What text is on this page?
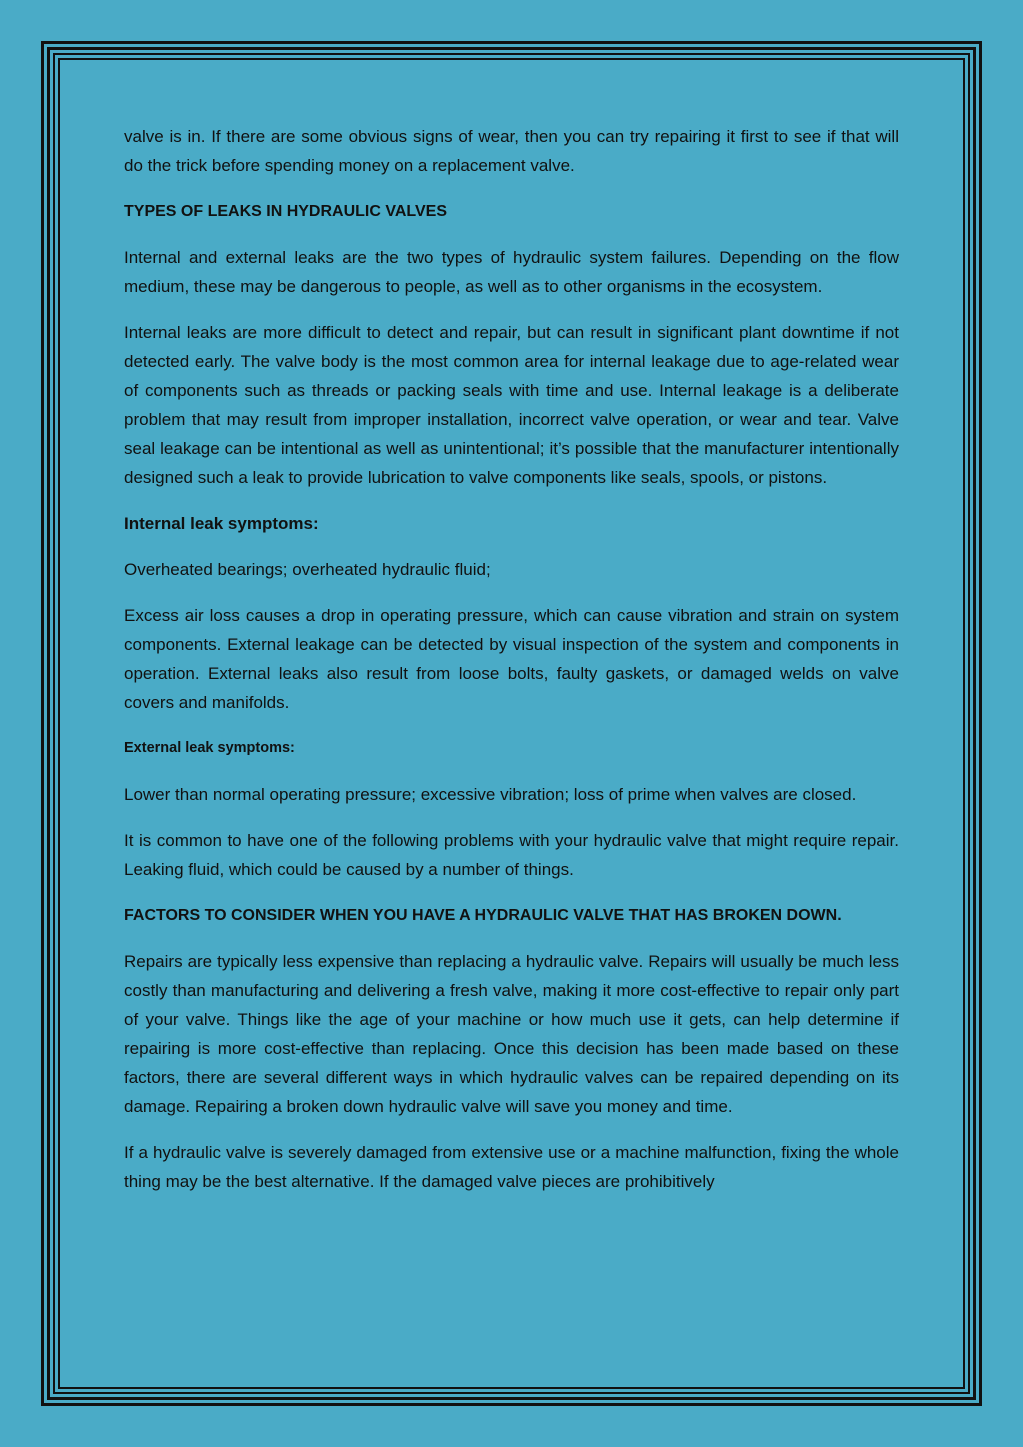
valve is in. If there are some obvious signs of wear, then you can try repairing it first to see if that will do the trick before spending money on a replacement valve.

TYPES OF LEAKS IN HYDRAULIC VALVES

Internal and external leaks are the two types of hydraulic system failures. Depending on the flow medium, these may be dangerous to people, as well as to other organisms in the ecosystem.

Internal leaks are more difficult to detect and repair, but can result in significant plant downtime if not detected early. The valve body is the most common area for internal leakage due to age-related wear of components such as threads or packing seals with time and use. Internal leakage is a deliberate problem that may result from improper installation, incorrect valve operation, or wear and tear. Valve seal leakage can be intentional as well as unintentional; it’s possible that the manufacturer intentionally designed such a leak to provide lubrication to valve components like seals, spools, or pistons.

Internal leak symptoms:

Overheated bearings; overheated hydraulic fluid;

Excess air loss causes a drop in operating pressure, which can cause vibration and strain on system components. External leakage can be detected by visual inspection of the system and components in operation. External leaks also result from loose bolts, faulty gaskets, or damaged welds on valve covers and manifolds.

External leak symptoms:

Lower than normal operating pressure; excessive vibration; loss of prime when valves are closed.

It is common to have one of the following problems with your hydraulic valve that might require repair. Leaking fluid, which could be caused by a number of things.

FACTORS TO CONSIDER WHEN YOU HAVE A HYDRAULIC VALVE THAT HAS BROKEN DOWN.

Repairs are typically less expensive than replacing a hydraulic valve. Repairs will usually be much less costly than manufacturing and delivering a fresh valve, making it more cost-effective to repair only part of your valve. Things like the age of your machine or how much use it gets, can help determine if repairing is more cost-effective than replacing. Once this decision has been made based on these factors, there are several different ways in which hydraulic valves can be repaired depending on its damage. Repairing a broken down hydraulic valve will save you money and time.

If a hydraulic valve is severely damaged from extensive use or a machine malfunction, fixing the whole thing may be the best alternative. If the damaged valve pieces are prohibitively
